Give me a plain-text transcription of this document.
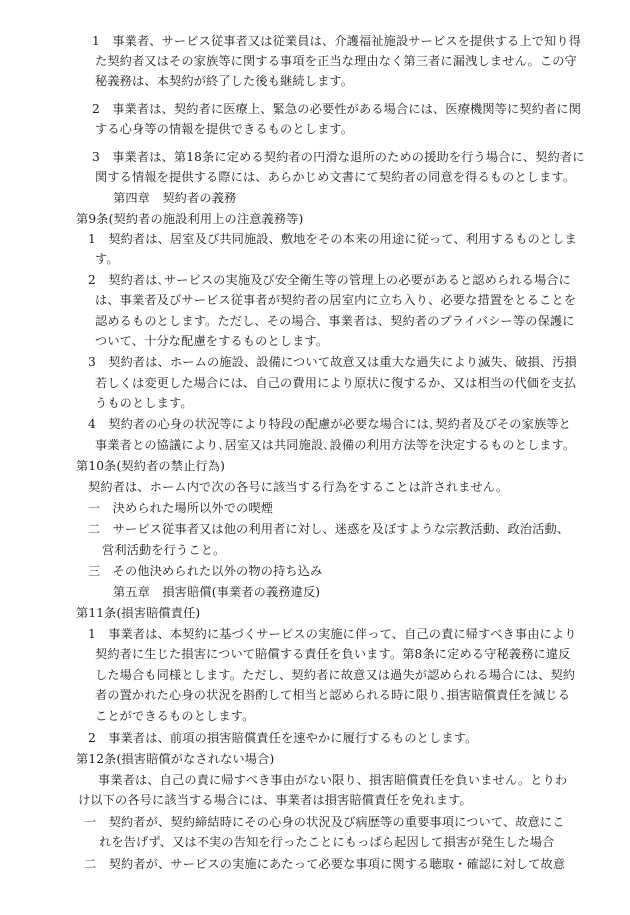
1　事業者、サービス従事者又は従業員は、介護福祉施設サービスを提供する上で知り得
た契約者又はその家族等に関する事項を正当な理由なく第三者に漏洩しません。この守
秘義務は、本契約が終了した後も継続します。
2　事業者は、契約者に医療上、緊急の必要性がある場合には、医療機関等に契約者に関
する心身等の情報を提供できるものとします。
3　事業者は、第18条に定める契約者の円滑な退所のための援助を行う場合に、契約者に
関する情報を提供する際には、あらかじめ文書にて契約者の同意を得るものとします。
第四章　契約者の義務
第9条(契約者の施設利用上の注意義務等)
1　契約者は、居室及び共同施設、敷地をその本来の用途に従って、利用するものとしま
す。
2　契約者は､サービスの実施及び安全衛生等の管理上の必要があると認められる場合に
は、事業者及びサービス従事者が契約者の居室内に立ち入り、必要な措置をとることを
認めるものとします。ただし、その場合、事業者は、契約者のプライバシー等の保護に
ついて、十分な配慮をするものとします。
3　契約者は、ホームの施設、設備について故意又は重大な過失により滅失、破損、汚損
若しくは変更した場合には、自己の費用により原状に復するか、又は相当の代価を支払
うものとします。
4　契約者の心身の状況等により特段の配慮が必要な場合には､契約者及びその家族等と
事業者との協議により､居室又は共同施設､設備の利用方法等を決定するものとします。
第10条(契約者の禁止行為)
契約者は、ホーム内で次の各号に該当する行為をすることは許されません。
一　決められた場所以外での喫煙
二　サービス従事者又は他の利用者に対し、迷惑を及ぼすような宗教活動、政治活動、
営利活動を行うこと。
三　その他決められた以外の物の持ち込み
第五章　損害賠償(事業者の義務違反)
第11条(損害賠償責任)
1　事業者は、本契約に基づくサービスの実施に伴って、自己の責に帰すべき事由により
契約者に生じた損害について賠償する責任を負います。第8条に定める守秘義務に違反
した場合も同様とします。ただし、契約者に故意又は過失が認められる場合には、契約
者の置かれた心身の状況を斟酌して相当と認められる時に限り､損害賠償責任を減じる
ことができるものとします。
2　事業者は、前項の損害賠償責任を速やかに履行するものとします。
第12条(損害賠償がなされない場合)
事業者は、自己の責に帰すべき事由がない限り、損害賠償責任を負いません。とりわ
け以下の各号に該当する場合には、事業者は損害賠償責任を免れます。
一　契約者が、契約締結時にその心身の状況及び病歴等の重要事項について、故意にこ
れを告げず、又は不実の告知を行ったことにもっぱら起因して損害が発生した場合
二　契約者が、サービスの実施にあたって必要な事項に関する聴取・確認に対して故意
